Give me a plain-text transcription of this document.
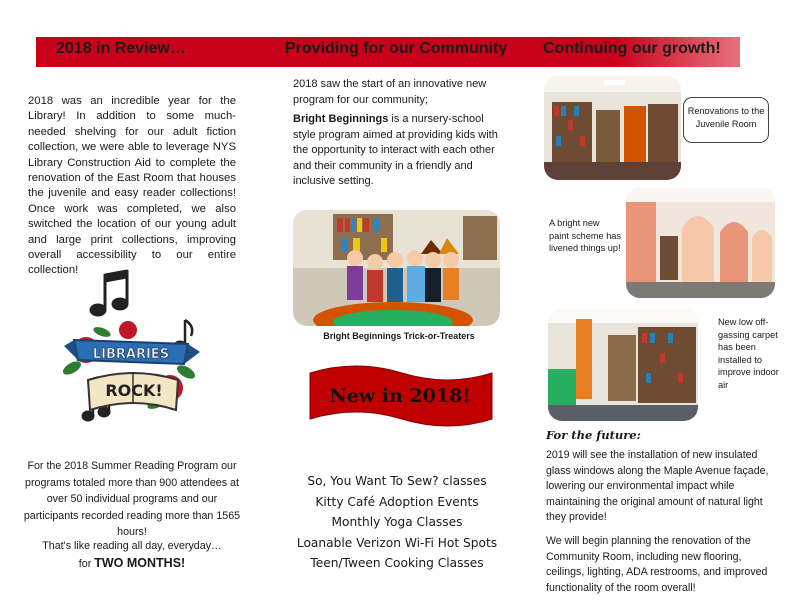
2018 in Review…	Providing for our Community Continuing our growth!
2018 was an incredible year for the Library! In addition to some much-needed shelving for our adult fiction collection, we were able to leverage NYS Library Construction Aid to complete the renovation of the East Room that houses the juvenile and easy reader collections! Once work was completed, we also switched the location of our young adult and large print collections, improving overall accessibility to our entire collection!
LIBRARIES
ROCK!
For the 2018 Summer Reading Program our programs totaled more than 900 attendees at over 50 individual programs and our participants recorded reading more than 1565 hours!
That's like reading all day, everyday…
for TWO MONTHS!
2018 saw the start of an innovative new program for our community;
Bright Beginnings is a nursery-school style program aimed at providing kids with the opportunity to interact with each other and their community in a friendly and inclusive setting.
Bright Beginnings Trick-or-Treaters
New in 2018!
So, You Want To Sew? classes
Kitty Café Adoption Events
Monthly Yoga Classes
Loanable Verizon Wi-Fi Hot Spots
Teen/Tween Cooking Classes
Renovations to the Juvenile Room
A bright new paint scheme has livened things up!
New low off-gassing carpet has been installed to improve indoor air
For the future:
2019 will see the installation of new insulated glass windows along the Maple Avenue façade, lowering our environmental impact while maintaining the original amount of natural light they provide!
We will begin planning the renovation of the Community Room, including new flooring, ceilings, lighting, ADA restrooms, and improved functionality of the room overall!
